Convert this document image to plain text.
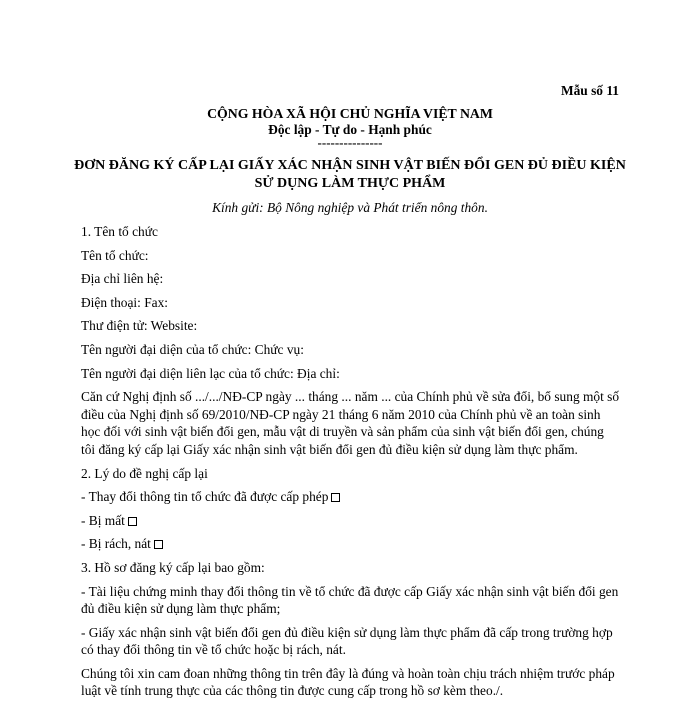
Mẫu số 11
CỘNG HÒA XÃ HỘI CHỦ NGHĨA VIỆT NAM
Độc lập - Tự do - Hạnh phúc
---------------
ĐƠN ĐĂNG KÝ CẤP LẠI GIẤY XÁC NHẬN SINH VẬT BIẾN ĐỔI GEN ĐỦ ĐIỀU KIỆN SỬ DỤNG LÀM THỰC PHẨM
Kính gửi: Bộ Nông nghiệp và Phát triển nông thôn.

1. Tên tổ chức

Tên tổ chức:

Địa chỉ liên hệ:

Điện thoại: Fax:

Thư điện tử: Website:

Tên người đại diện của tổ chức: Chức vụ:

Tên người đại diện liên lạc của tổ chức: Địa chỉ:

Căn cứ Nghị định số .../.../NĐ-CP ngày ... tháng ... năm ... của Chính phủ về sửa đổi, bổ sung một số điều của Nghị định số 69/2010/NĐ-CP ngày 21 tháng 6 năm 2010 của Chính phủ về an toàn sinh học đối với sinh vật biến đổi gen, mẫu vật di truyền và sản phẩm của sinh vật biến đổi gen, chúng tôi đăng ký cấp lại Giấy xác nhận sinh vật biến đổi gen đủ điều kiện sử dụng làm thực phẩm.

2. Lý do đề nghị cấp lại

- Thay đổi thông tin tổ chức đã được cấp phép

- Bị mất

- Bị rách, nát

3. Hồ sơ đăng ký cấp lại bao gồm:

- Tài liệu chứng minh thay đổi thông tin về tổ chức đã được cấp Giấy xác nhận sinh vật biến đổi gen đủ điều kiện sử dụng làm thực phẩm;

- Giấy xác nhận sinh vật biến đổi gen đủ điều kiện sử dụng làm thực phẩm đã cấp trong trường hợp có thay đổi thông tin về tổ chức hoặc bị rách, nát.

Chúng tôi xin cam đoan những thông tin trên đây là đúng và hoàn toàn chịu trách nhiệm trước pháp luật về tính trung thực của các thông tin được cung cấp trong hồ sơ kèm theo./.
